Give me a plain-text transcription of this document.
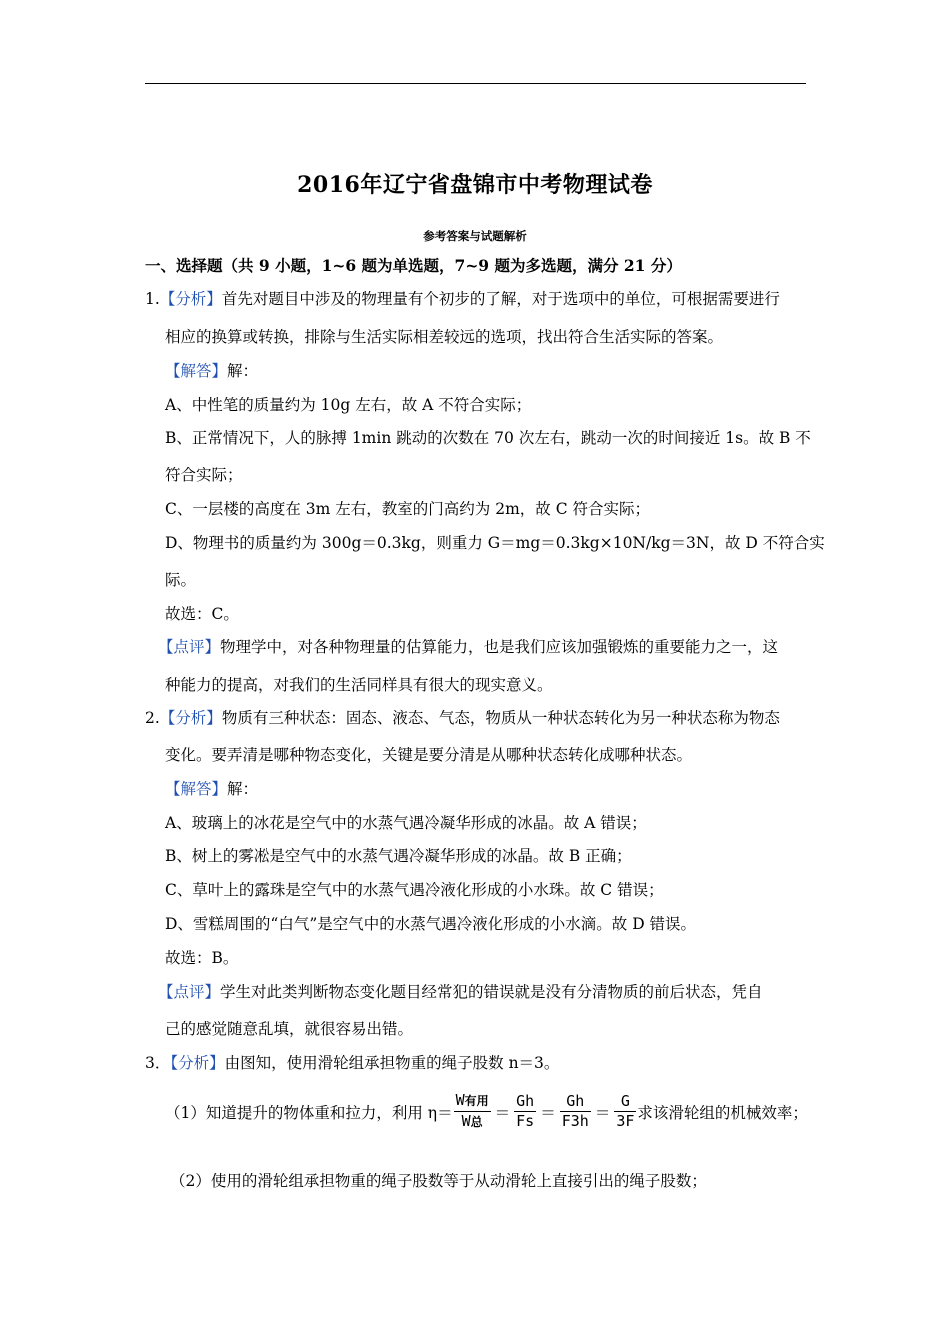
2016年辽宁省盘锦市中考物理试卷
参考答案与试题解析
一、选择题（共 9 小题，1~6 题为单选题，7~9 题为多选题，满分 21 分）
1.【分析】首先对题目中涉及的物理量有个初步的了解，对于选项中的单位，可根据需要进行
相应的换算或转换，排除与生活实际相差较远的选项，找出符合生活实际的答案。
【解答】解：
A、中性笔的质量约为 10g 左右，故 A 不符合实际；
B、正常情况下，人的脉搏 1min 跳动的次数在 70 次左右，跳动一次的时间接近 1s。故 B 不
符合实际；
C、一层楼的高度在 3m 左右，教室的门高约为 2m，故 C 符合实际；
D、物理书的质量约为 300g＝0.3kg，则重力 G＝mg＝0.3kg×10N/kg＝3N，故 D 不符合实
际。
故选：C。
【点评】物理学中，对各种物理量的估算能力，也是我们应该加强锻炼的重要能力之一，这
种能力的提高，对我们的生活同样具有很大的现实意义。
2.【分析】物质有三种状态：固态、液态、气态，物质从一种状态转化为另一种状态称为物态
变化。要弄清是哪种物态变化，关键是要分清是从哪种状态转化成哪种状态。
【解答】解：
A、玻璃上的冰花是空气中的水蒸气遇冷凝华形成的冰晶。故 A 错误；
B、树上的雾凇是空气中的水蒸气遇冷凝华形成的冰晶。故 B 正确；
C、草叶上的露珠是空气中的水蒸气遇冷液化形成的小水珠。故 C 错误；
D、雪糕周围的“白气”是空气中的水蒸气遇冷液化形成的小水滴。故 D 错误。
故选：B。
【点评】学生对此类判断物态变化题目经常犯的错误就是没有分清物质的前后状态，凭自
己的感觉随意乱填，就很容易出错。
3．【分析】由图知，使用滑轮组承担物重的绳子股数 n＝3。
（1）知道提升的物体重和拉力，利用 $\eta= \frac{\text{W有用}}{\text{W总}} = \frac{Gh}{Fs} = \frac{Gh}{F3h} = \frac{G}{3F}$ 求该滑轮组的机械效率；
（2）使用的滑轮组承担物重的绳子股数等于从动滑轮上直接引出的绳子股数；
